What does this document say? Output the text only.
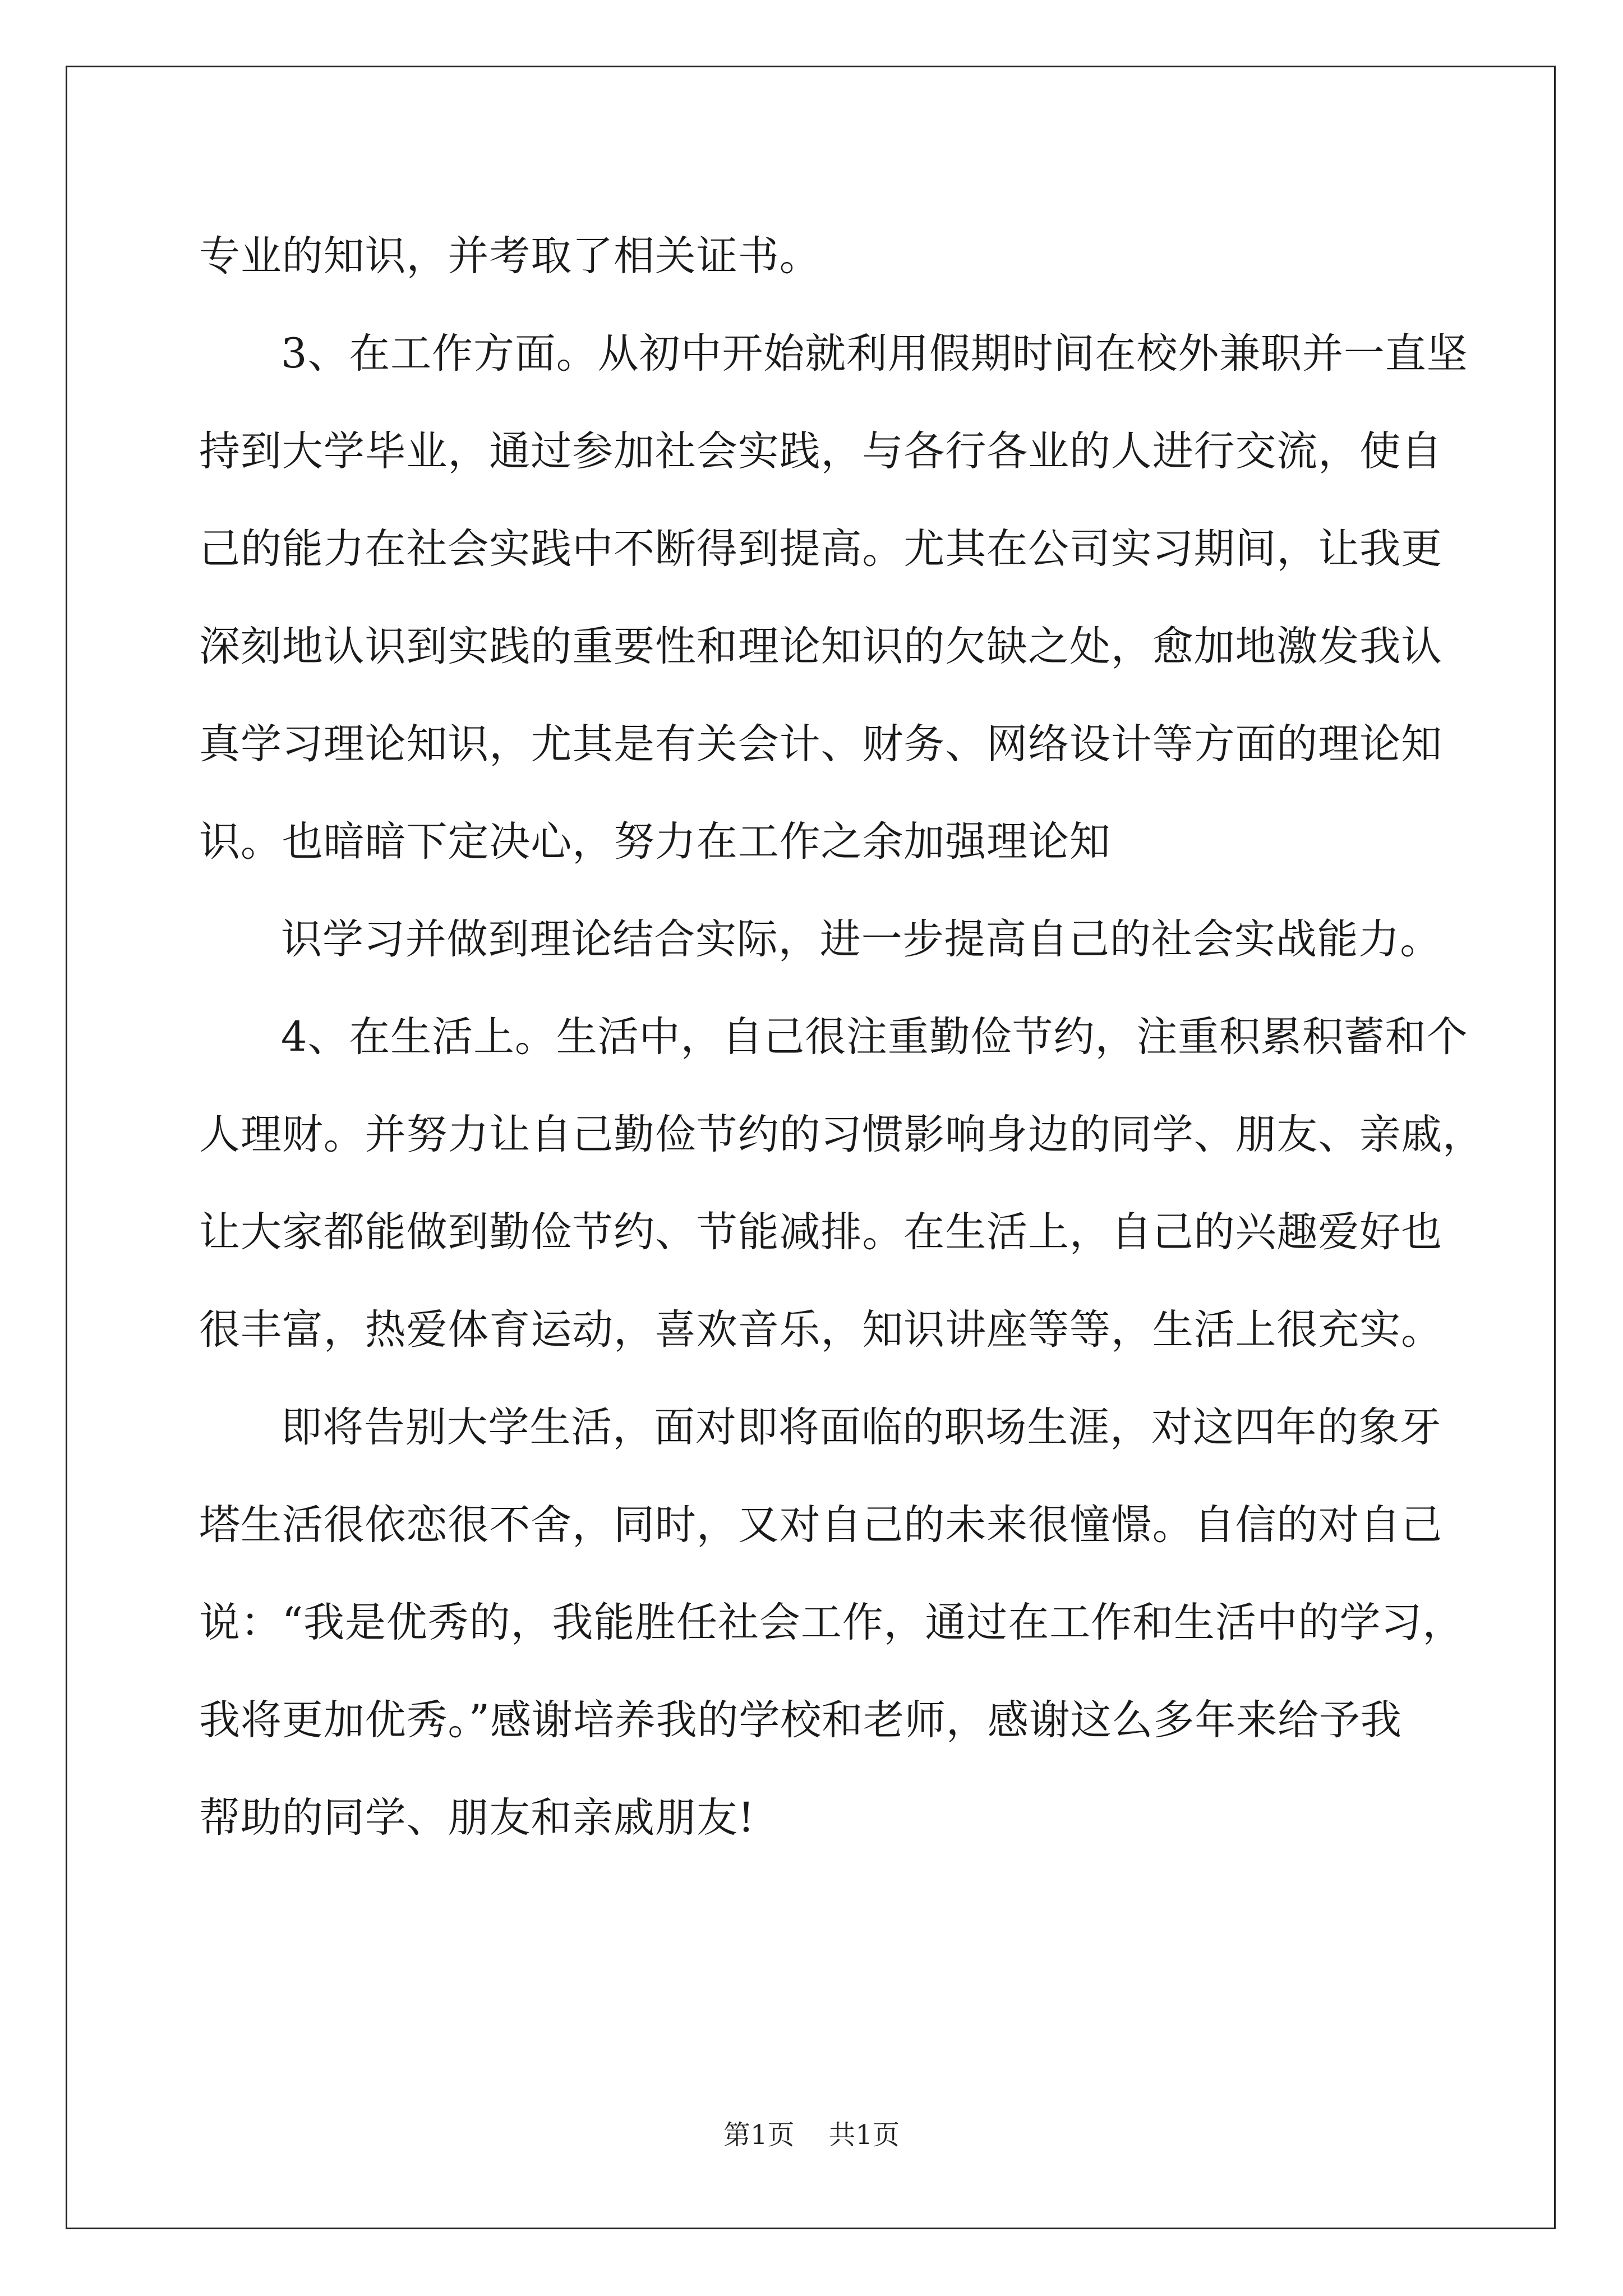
专业的知识，并考取了相关证书。
3、在工作方面。从初中开始就利用假期时间在校外兼职并一直坚
持到大学毕业，通过参加社会实践，与各行各业的人进行交流，使自
己的能力在社会实践中不断得到提高。尤其在公司实习期间，让我更
深刻地认识到实践的重要性和理论知识的欠缺之处，愈加地激发我认
真学习理论知识，尤其是有关会计、财务、网络设计等方面的理论知
识。也暗暗下定决心，努力在工作之余加强理论知
识学习并做到理论结合实际，进一步提高自己的社会实战能力。
4、在生活上。生活中，自己很注重勤俭节约，注重积累积蓄和个
人理财。并努力让自己勤俭节约的习惯影响身边的同学、朋友、亲戚，
让大家都能做到勤俭节约、节能减排。在生活上，自己的兴趣爱好也
很丰富，热爱体育运动，喜欢音乐，知识讲座等等，生活上很充实。
即将告别大学生活，面对即将面临的职场生涯，对这四年的象牙
塔生活很依恋很不舍，同时，又对自己的未来很憧憬。自信的对自己
说：“我是优秀的，我能胜任社会工作，通过在工作和生活中的学习，
我将更加优秀。”感谢培养我的学校和老师，感谢这么多年来给予我
帮助的同学、朋友和亲戚朋友!
第1页 共1页
